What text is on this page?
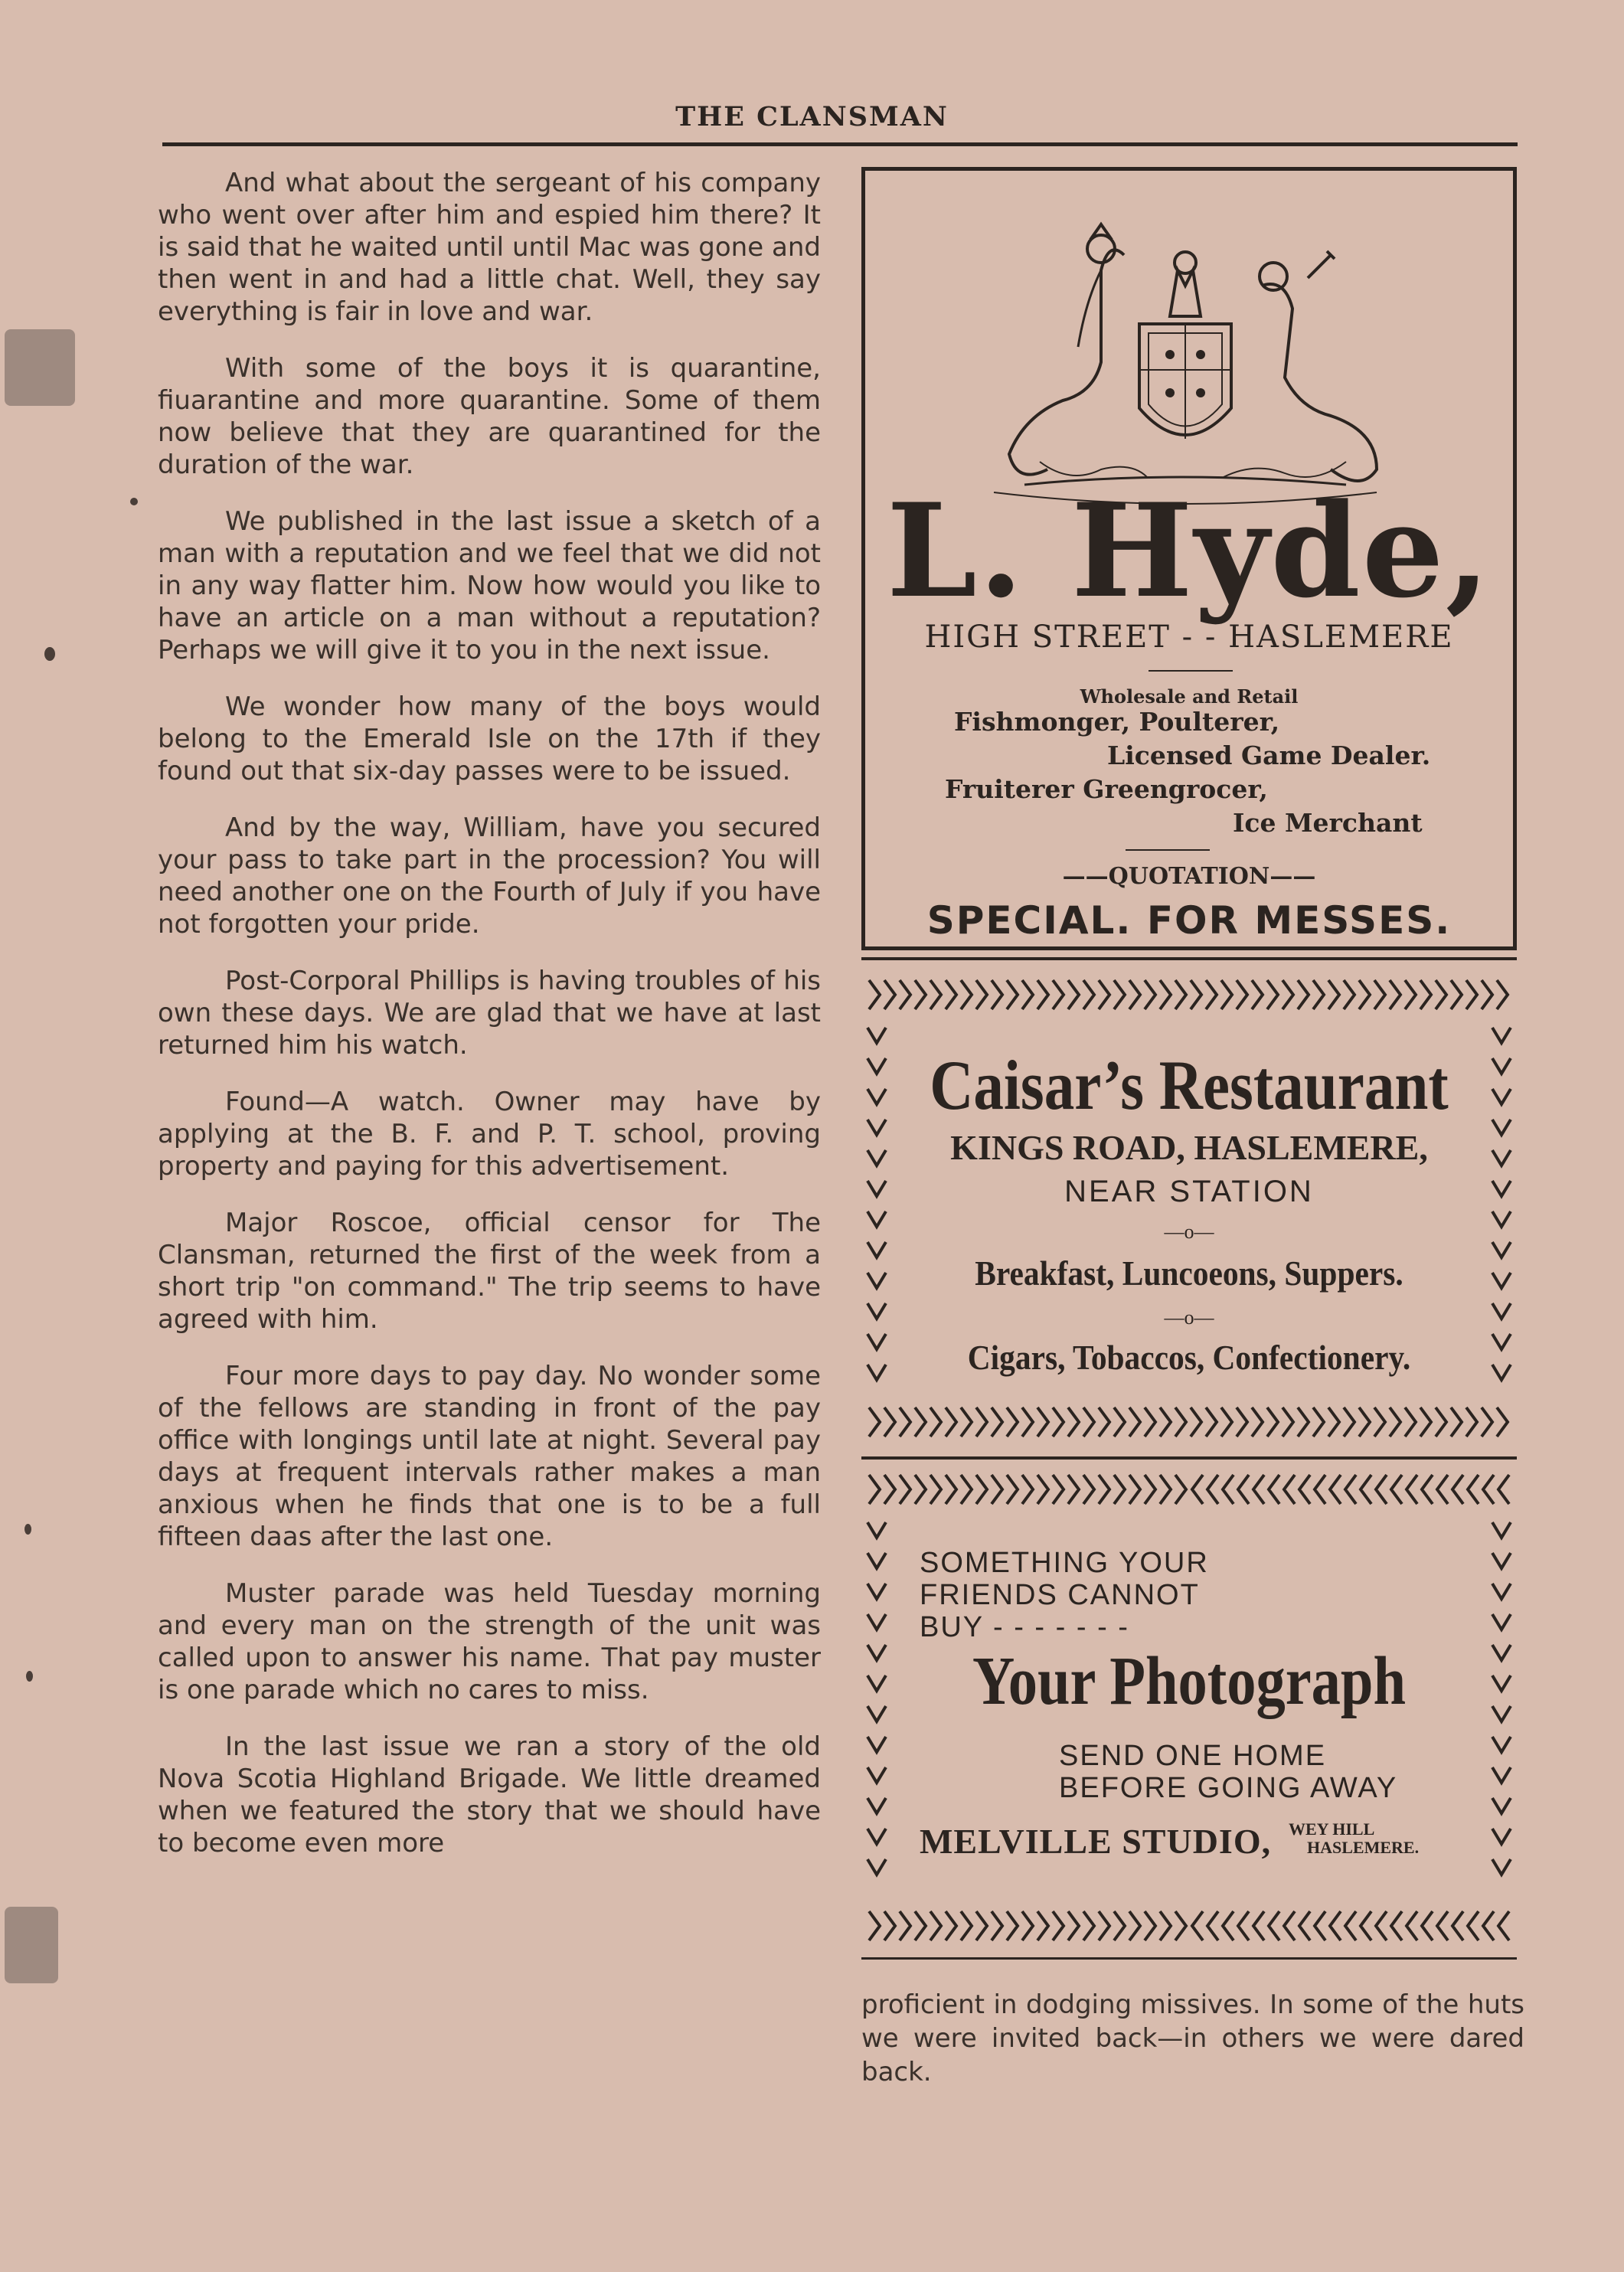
THE CLANSMAN

And what about the sergeant of his company who went over after him and espied him there? It is said that he waited until until Mac was gone and then went in and had a little chat. Well, they say everything is fair in love and war.

With some of the boys it is quarantine, fiuarantine and more quarantine. Some of them now believe that they are quarantined for the duration of the war.

We published in the last issue a sketch of a man with a reputation and we feel that we did not in any way flatter him. Now how would you like to have an article on a man without a reputation? Perhaps we will give it to you in the next issue.

We wonder how many of the boys would belong to the Emerald Isle on the 17th if they found out that six-day passes were to be issued.

And by the way, William, have you secured your pass to take part in the procession? You will need another one on the Fourth of July if you have not forgotten your pride.

Post-Corporal Phillips is having troubles of his own these days. We are glad that we have at last returned him his watch.

Found—A watch. Owner may have by applying at the B. F. and P. T. school, proving property and paying for this advertisement.

Major Roscoe, official censor for The Clansman, returned the first of the week from a short trip "on command." The trip seems to have agreed with him.

Four more days to pay day. No wonder some of the fellows are standing in front of the pay office with longings until late at night. Several pay days at frequent intervals rather makes a man anxious when he finds that one is to be a full fifteen daas after the last one.

Muster parade was held Tuesday morning and every man on the strength of the unit was called upon to answer his name. That pay muster is one parade which no cares to miss.

In the last issue we ran a story of the old Nova Scotia Highland Brigade. We little dreamed when we featured the story that we should have to become even more

L. Hyde,
HIGH STREET - - HASLEMERE
Wholesale and Retail
Fishmonger, Poulterer,
Licensed Game Dealer.
Fruiterer Greengrocer,
Ice Merchant
——QUOTATION——
SPECIAL. FOR MESSES.
Caisar’s Restaurant
KINGS ROAD, HASLEMERE,
NEAR STATION
—o—
Breakfast, Luncoeons, Suppers.
—o—
Cigars, Tobaccos, Confectionery.
SOMETHING YOUR
FRIENDS CANNOT
BUY - - - - - - -
Your Photograph
SEND ONE HOME
BEFORE GOING AWAY
MELVILLE STUDIO, WEY HILL
HASLEMERE.
proficient in dodging missives. In some of the huts we were invited back—in others we were dared back.
